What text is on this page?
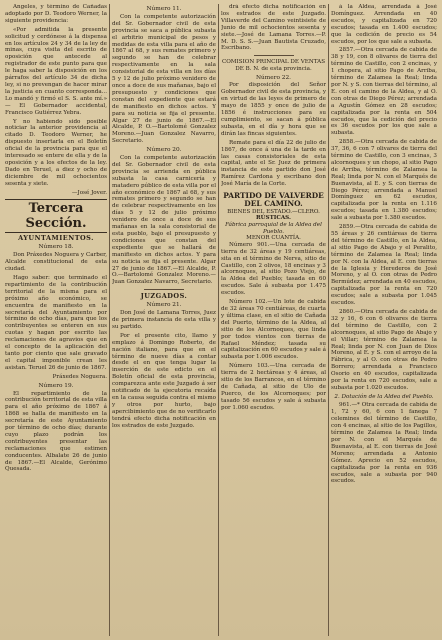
Angeles, y término de Cañadas adoptado por D. Teodoro Werner, la siguiente providencia:

«Por admitida la presente solicitud y cerdónese á la dispensa en los artículos 24 y 34 de la ley de minas, cuya visita del escrito de oposición que antecede al registrador de este punto para que le haga saber la disposición en los párrafos del artículo 34 de dicha ley, si no prevengan de hacer mirar la justicia en cuanto corresponda... Lo mandó y firmó el S. S. ante mí.» — El Gobernador accidental, Francisco Gutiérrez Yebra.

Y no habiendo sido posible noticiar la anterior providencia al citado D. Teodoro Werner, he dispuesto insertarla en el Boletín oficial de la provincia para que el interesado se entere de ella y de la oposición y a los efectos de la ley. Dado en Teruel, a diez y ocho de diciembre de mil ochocientos sesenta y siete.

—José Jover.

Tercera Sección.
AYUNTAMIENTOS.

Número 18.

Don Práxedes Noguera y Carber, Alcalde constitucional de esta ciudad.

Hago saber: que terminado el repartimiento de la contribución territorial de la misma para el próximo año económico, se encuentra de manifiesto en la secretaría del Ayuntamiento por término de ocho días, para que los contribuyentes se enteren en sus cuotas y hagan por escrito las reclamaciones de agravios que en el concepto de la aplicación del tanto por ciento que sale gravado el capital imponible crean les asistan. Teruel 26 de junio de 1867.

Práxedes Noguera.

Número 19.

El repartimiento de la contribución territorial de esta villa para el año próximo de 1867 á 1868 se halla de manifiesto en la secretaría de este Ayuntamiento por término de ocho días; durante cuyo plazo podrán los contribuyentes presentar las reclamaciones que estimen conducentes. Albalate 26 de junio de 1867.—El Alcalde, Gerónimo Quesada.

Número 11.

Con la competente autorización del Sr. Gobernador civil de esta provincia se saca a pública subasta el arbitrio municipal de pesos y medidas de esta villa para el año de 1867 al 68, y sus remates primero y segundo se han de celebrar respectivamente en la sala consistorial de esta villa en los días 5 y 12 de julio próximo venidero de once a doce de sus mañanas, bajo el presupuesto y condiciones que constan del expediente que estará de manifiesto en dichos actos. Y para su noticia se fija el presente. Algar 27 de junio de 1867.—El Alcalde, P. O.—Bartolomé Gonzalez Moreno.—Juan Gonzalez Navarro, Secretario.

Número 20.

Con la competente autorización del Sr. Gobernador civil de esta provincia se arrienda en pública subasta la casa carnicería y matadero público de esta villa por el año económico de 1867 al 68, y sus remates primero y segundo se han de celebrar respectivamente en los días 5 y 12 de julio próximo venidero de once a doce de sus mañanas en la sala consistorial de esta pueblo, bajo el presupuesto y condiciones que constan del expediente que se hallará de manifiesto en dichos actos. Y para su noticia se fija el presente. Algar 27 de junio de 1867.—El Alcalde, P. O.—Bartolomé Gonzalez Moreno.—Juan Gonzalez Navarro, Secretario.

JUZGADOS.

Número 21.

Don José de Lamana Torres, Juez de primera instancia de esta villa y su partido.

Por el presente cito, llamo y emplazo á Domingo Roberto, de nación italiano, para que en el término de nueve días a contar desde el en que tenga lugar la inserción de este edicto en el Boletín oficial de esta provincia, comparezca ante este Juzgado á ser notificado de la ejecutoria recaída en la causa seguida contra el mismo y otros por hurto, bajo apercibimiento que de no verificarlo tendrá efecto dicha notificación en los estrados de este Juzgado.

drá efecto dicha notificación en los estrados de este Juzgado. Villaverde del Camino veintisiete de Junio de mil ochocientos sesenta y siete.—José de Lamana Torres.—P. M. D. S. S.—Juan Bautista Cruzado, Escribano.

COMISION PRINCIPAL DE VENTAS DE B. N. de esta provincia.

Número 22.

Por disposición del Señor Gobernador civil de esta provincia, y en virtud de las leyes de primero de mayo de 1855 y once de julio de 1856 é instrucciones para su cumplimiento, se sacan á pública subasta, en el día y hora que se dirán las fincas siguientes.

Remate para el día 22 de julio de 1867, de once á una de la tarde en las casas consistoriales de esta capital, ante el Sr. Juez de primera instancia de este partido don José Ramírez Cardona y escribano don José María de la Corte.

PARTIDO DE VALVERDE DEL CAMINO.
BIENES DEL ESTADO.—CLERO.
RÚSTICAS.
Fábrica parroquial de la Aldea del Pueblo.
MENOR CUANTÍA.

Número 901.—Una cercada de tierra de 32 áreas y 19 centiáreas, sita en el término de Nerva, sitio de Castillo, con 2 olivos, 18 encinas y 3 alcornoques, al sitio Pozo Viejo, de la Aldea del Pueblo; tasada en 60 escudos. Sale á subasta por 1.475 escudos.

Número 102.—Un lote de cabida de 32 áreas 70 centiáreas, de cuarta y última clase, en el sitio de Cañada del Puerto, término de la Aldea, al sitio de los Alcornoques, que linda por todos vientos con tierras de Rafael Méndez; tasada su capitalización en 60 escudos y sale á subasta por 1.006 escudos.

Número 103.—Una cercada de tierra de 2 hectáreas y 4 áreas, al sitio de los Barrancos, en el término de Cañada, al sitio de Ulo de Puerco, de los Alcornoques; por tasado 56 escudos y sale á subasta por 1.060 escudos.

á la Aldea, arrendada á José Domínguez. Arrendada en 40 escudos, y capitalizada en 720 escudos; tasada en 1.400 escudos; que la cedición de precio es 54 escudos, por los que sale a subasta.

2857.—Otra cercada de cabida de 38 y 19, con 8 olivares de tierra del término de Castillo, con 2 encinas, y 1 chopera, al sitio Pago de Arriba, término de Zalamea la Real; linda por N. y S. con tierras del término, al E. con el camino de la Aldea, y al O. con otras de Diego Pérez; arrendada a Agustín Gómez en 28 escudos; capitalizada por la renta en 504 escudos, que la cedición del precio es 36 escudos por los que sale a subasta.

2858.—Otra cercada de cabida de 37, 36, 6 con 7 olivares de tierra del término de Castillo, con 3 encinas, 3 alcornoques y un chopo, al sitio Pago de Arriba, término de Zalamea la Real; linda por N. con el Marqués de Buenavista, al E. y S. con tierras de Diego Pérez; arrendada a Manuel Domínguez en 62 escudos, capitalizada por la renta en 1.116 escudos; tasada en 1.380 escudos; sale a subasta por 1.380 escudos.

2859.—Otra cercada de cabida de 55 áreas y 26 centiáreas de tierra del término de Castillo, en la Aldea, al sitio Pago de Abajo y el Peralito, término de Zalamea la Real; linda por N. con la Aldea, al E. con tierras de la Iglesia y Herederos de José Moreno, y al O. con otras de Pedro Bermúdez; arrendada en 40 escudos, capitalizada por la renta en 720 escudos; sale a subasta por 1.045 escudos.

2860.—Otra cercada de cabida de 32 y 16, 6 con 6 olivares de tierra del término de Castillo, con 2 alcornoques, al sitio Pago de Abajo y el Villar; término de Zalamea la Real; linda por N. con Juan de Dios Moreno, al E. y S. con el arroyo de la Fábrica, y al O. con otras de Pedro Borrero; arrendada a Francisco Osorio en 40 escudos, capitalizada por la renta en 720 escudos, sale a subasta por 1.020 escudos.

2. Dotación de la Aldea del Pueblo.

961.—* Otra cercada de cabida de 1, 72 y 60, 6 con 1 fanega 7 celemines del término de Castillo, con 4 encinas, al sitio de los Pagillos, término de Zalamea la Real; linda por N. con el Marqués de Buenavista, al E. con tierras de José Moreno; arrendada a Antonio Gómez. Aprecio en 52 escudos, capitalizada por la renta en 936 escudos, sale a subasta por 940 escudos.
